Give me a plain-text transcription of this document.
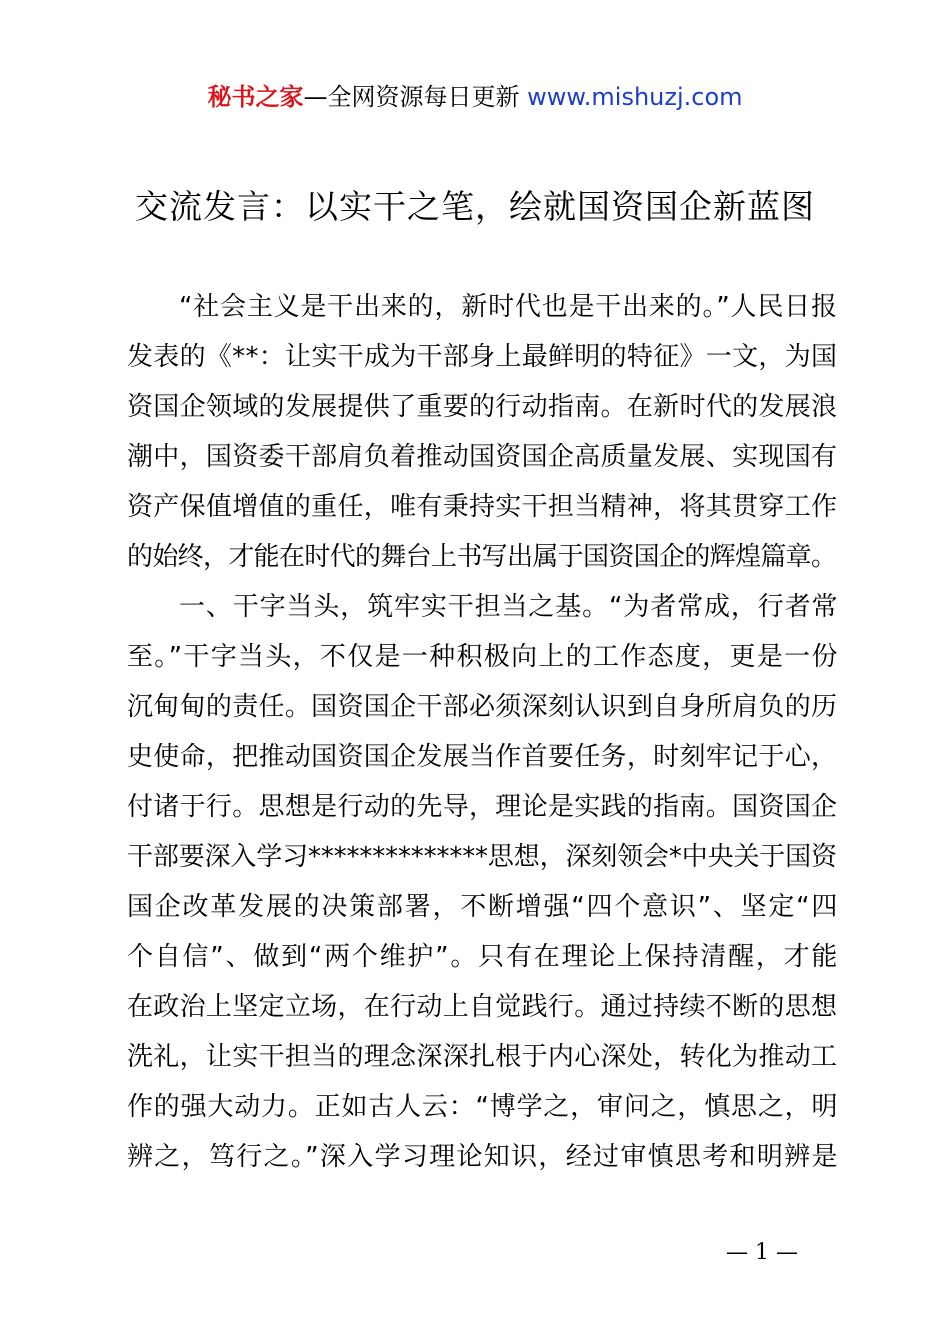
秘书之家—全网资源每日更新 www.mishuzj.com
交流发言：以实干之笔，绘就国资国企新蓝图
“社会主义是干出来的，新时代也是干出来的。”人民日报
发表的《**：让实干成为干部身上最鲜明的特征》一文，为国
资国企领域的发展提供了重要的行动指南。在新时代的发展浪
潮中，国资委干部肩负着推动国资国企高质量发展、实现国有
资产保值增值的重任，唯有秉持实干担当精神，将其贯穿工作
的始终，才能在时代的舞台上书写出属于国资国企的辉煌篇章。
一、干字当头，筑牢实干担当之基。“为者常成，行者常
至。”干字当头，不仅是一种积极向上的工作态度，更是一份
沉甸甸的责任。国资国企干部必须深刻认识到自身所肩负的历
史使命，把推动国资国企发展当作首要任务，时刻牢记于心，
付诸于行。思想是行动的先导，理论是实践的指南。国资国企
干部要深入学习**************思想，深刻领会*中央关于国资
国企改革发展的决策部署，不断增强“四个意识”、坚定“四
个自信”、做到“两个维护”。只有在理论上保持清醒，才能
在政治上坚定立场，在行动上自觉践行。通过持续不断的思想
洗礼，让实干担当的理念深深扎根于内心深处，转化为推动工
作的强大动力。正如古人云：“博学之，审问之，慎思之，明
辨之，笃行之。”深入学习理论知识，经过审慎思考和明辨是
— 1 —
